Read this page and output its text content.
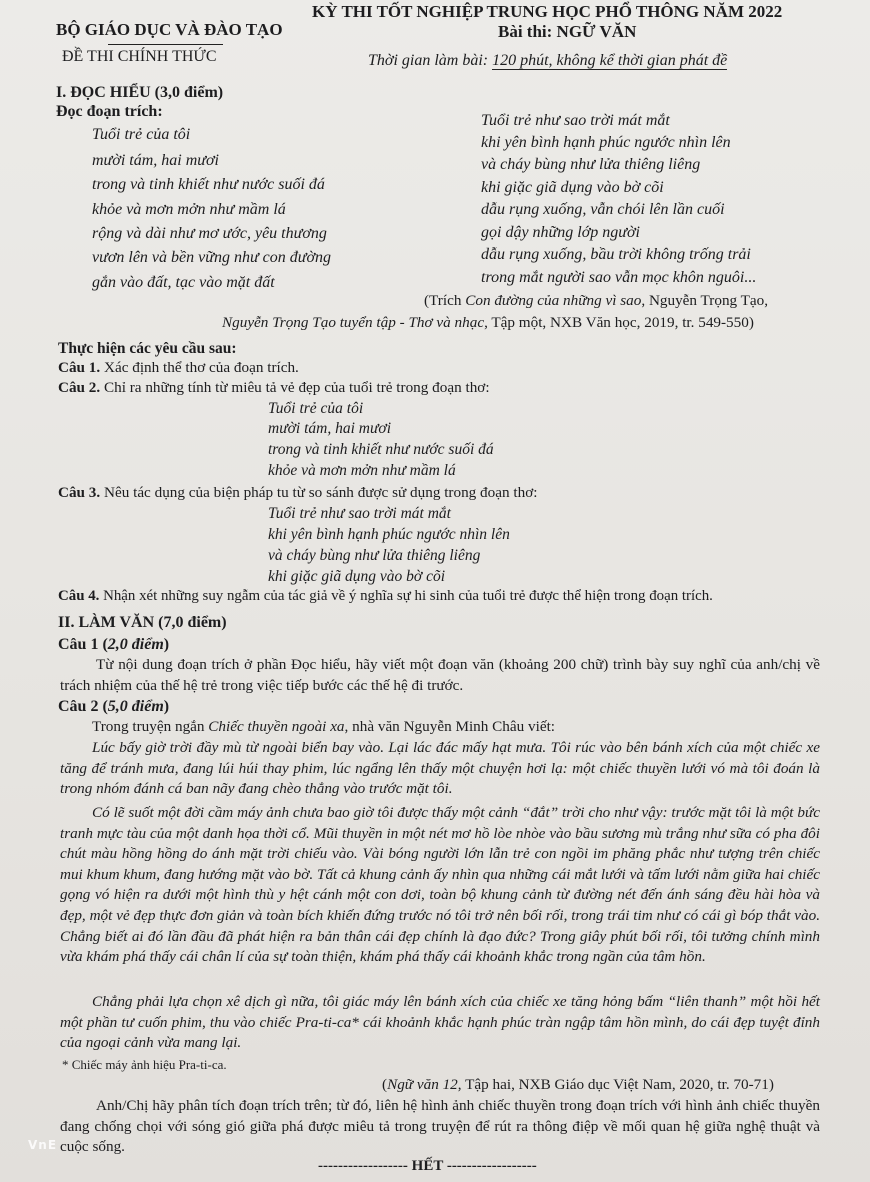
BỘ GIÁO DỤC VÀ ĐÀO TẠO
KỲ THI TỐT NGHIỆP TRUNG HỌC PHỔ THÔNG NĂM 2022
ĐỀ THI CHÍNH THỨC
Bài thi: NGỮ VĂN
Thời gian làm bài: 120 phút, không kể thời gian phát đề
I. ĐỌC HIỂU (3,0 điểm)
Đọc đoạn trích:
Tuổi trẻ của tôi
mười tám, hai mươi
trong và tinh khiết như nước suối đá
khỏe và mơn mởn như mầm lá
rộng và dài như mơ ước, yêu thương
vươn lên và bền vững như con đường
gắn vào đất, tạc vào mặt đất
Tuổi trẻ như sao trời mát mắt
khi yên bình hạnh phúc ngước nhìn lên
và cháy bùng như lửa thiêng liêng
khi giặc giã dụng vào bờ cõi
dẫu rụng xuống, vẫn chói lên lần cuối
gọi dậy những lớp người
dẫu rụng xuống, bầu trời không trống trải
trong mắt người sao vẫn mọc khôn nguôi...
(Trích Con đường của những vì sao, Nguyễn Trọng Tạo,
Nguyễn Trọng Tạo tuyển tập - Thơ và nhạc, Tập một, NXB Văn học, 2019, tr. 549-550)
Thực hiện các yêu cầu sau:
Câu 1. Xác định thể thơ của đoạn trích.
Câu 2. Chỉ ra những tính từ miêu tả vẻ đẹp của tuổi trẻ trong đoạn thơ:
Tuổi trẻ của tôi
mười tám, hai mươi
trong và tinh khiết như nước suối đá
khỏe và mơn mởn như mầm lá
Câu 3. Nêu tác dụng của biện pháp tu từ so sánh được sử dụng trong đoạn thơ:
Tuổi trẻ như sao trời mát mắt
khi yên bình hạnh phúc ngước nhìn lên
và cháy bùng như lửa thiêng liêng
khi giặc giã dụng vào bờ cõi
Câu 4. Nhận xét những suy ngẫm của tác giả về ý nghĩa sự hi sinh của tuổi trẻ được thể hiện trong đoạn trích.
II. LÀM VĂN (7,0 điểm)
Câu 1 (2,0 điểm)
Từ nội dung đoạn trích ở phần Đọc hiểu, hãy viết một đoạn văn (khoảng 200 chữ) trình bày suy nghĩ của anh/chị về trách nhiệm của thế hệ trẻ trong việc tiếp bước các thế hệ đi trước.
Câu 2 (5,0 điểm)
Trong truyện ngắn Chiếc thuyền ngoài xa, nhà văn Nguyễn Minh Châu viết:
Lúc bấy giờ trời đầy mù từ ngoài biển bay vào. Lại lác đác mấy hạt mưa. Tôi rúc vào bên bánh xích của một chiếc xe tăng để tránh mưa, đang lúi húi thay phim, lúc ngẩng lên thấy một chuyện hơi lạ: một chiếc thuyền lưới vó mà tôi đoán là trong nhóm đánh cá ban nãy đang chèo thẳng vào trước mặt tôi.
Có lẽ suốt một đời cầm máy ảnh chưa bao giờ tôi được thấy một cảnh “đắt” trời cho như vậy: trước mặt tôi là một bức tranh mực tàu của một danh họa thời cổ. Mũi thuyền in một nét mơ hồ lòe nhòe vào bầu sương mù trắng như sữa có pha đôi chút màu hồng hồng do ánh mặt trời chiếu vào. Vài bóng người lớn lẫn trẻ con ngồi im phăng phắc như tượng trên chiếc mui khum khum, đang hướng mặt vào bờ. Tất cả khung cảnh ấy nhìn qua những cái mắt lưới và tấm lưới nằm giữa hai chiếc gọng vó hiện ra dưới một hình thù y hệt cánh một con dơi, toàn bộ khung cảnh từ đường nét đến ánh sáng đều hài hòa và đẹp, một vẻ đẹp thực đơn giản và toàn bích khiến đứng trước nó tôi trở nên bối rối, trong trái tim như có cái gì bóp thắt vào. Chẳng biết ai đó lần đầu đã phát hiện ra bản thân cái đẹp chính là đạo đức? Trong giây phút bối rối, tôi tưởng chính mình vừa khám phá thấy cái chân lí của sự toàn thiện, khám phá thấy cái khoảnh khắc trong ngần của tâm hồn.
Chẳng phải lựa chọn xê dịch gì nữa, tôi giác máy lên bánh xích của chiếc xe tăng hỏng bấm “liên thanh” một hồi hết một phần tư cuốn phim, thu vào chiếc Pra-ti-ca* cái khoảnh khắc hạnh phúc tràn ngập tâm hồn mình, do cái đẹp tuyệt đỉnh của ngoại cảnh vừa mang lại.
* Chiếc máy ảnh hiệu Pra-ti-ca.
(Ngữ văn 12, Tập hai, NXB Giáo dục Việt Nam, 2020, tr. 70-71)
Anh/Chị hãy phân tích đoạn trích trên; từ đó, liên hệ hình ảnh chiếc thuyền trong đoạn trích với hình ảnh chiếc thuyền đang chống chọi với sóng gió giữa phá được miêu tả trong truyện để rút ra thông điệp về mối quan hệ giữa nghệ thuật và cuộc sống.
------------------ HẾT ------------------
VnE
